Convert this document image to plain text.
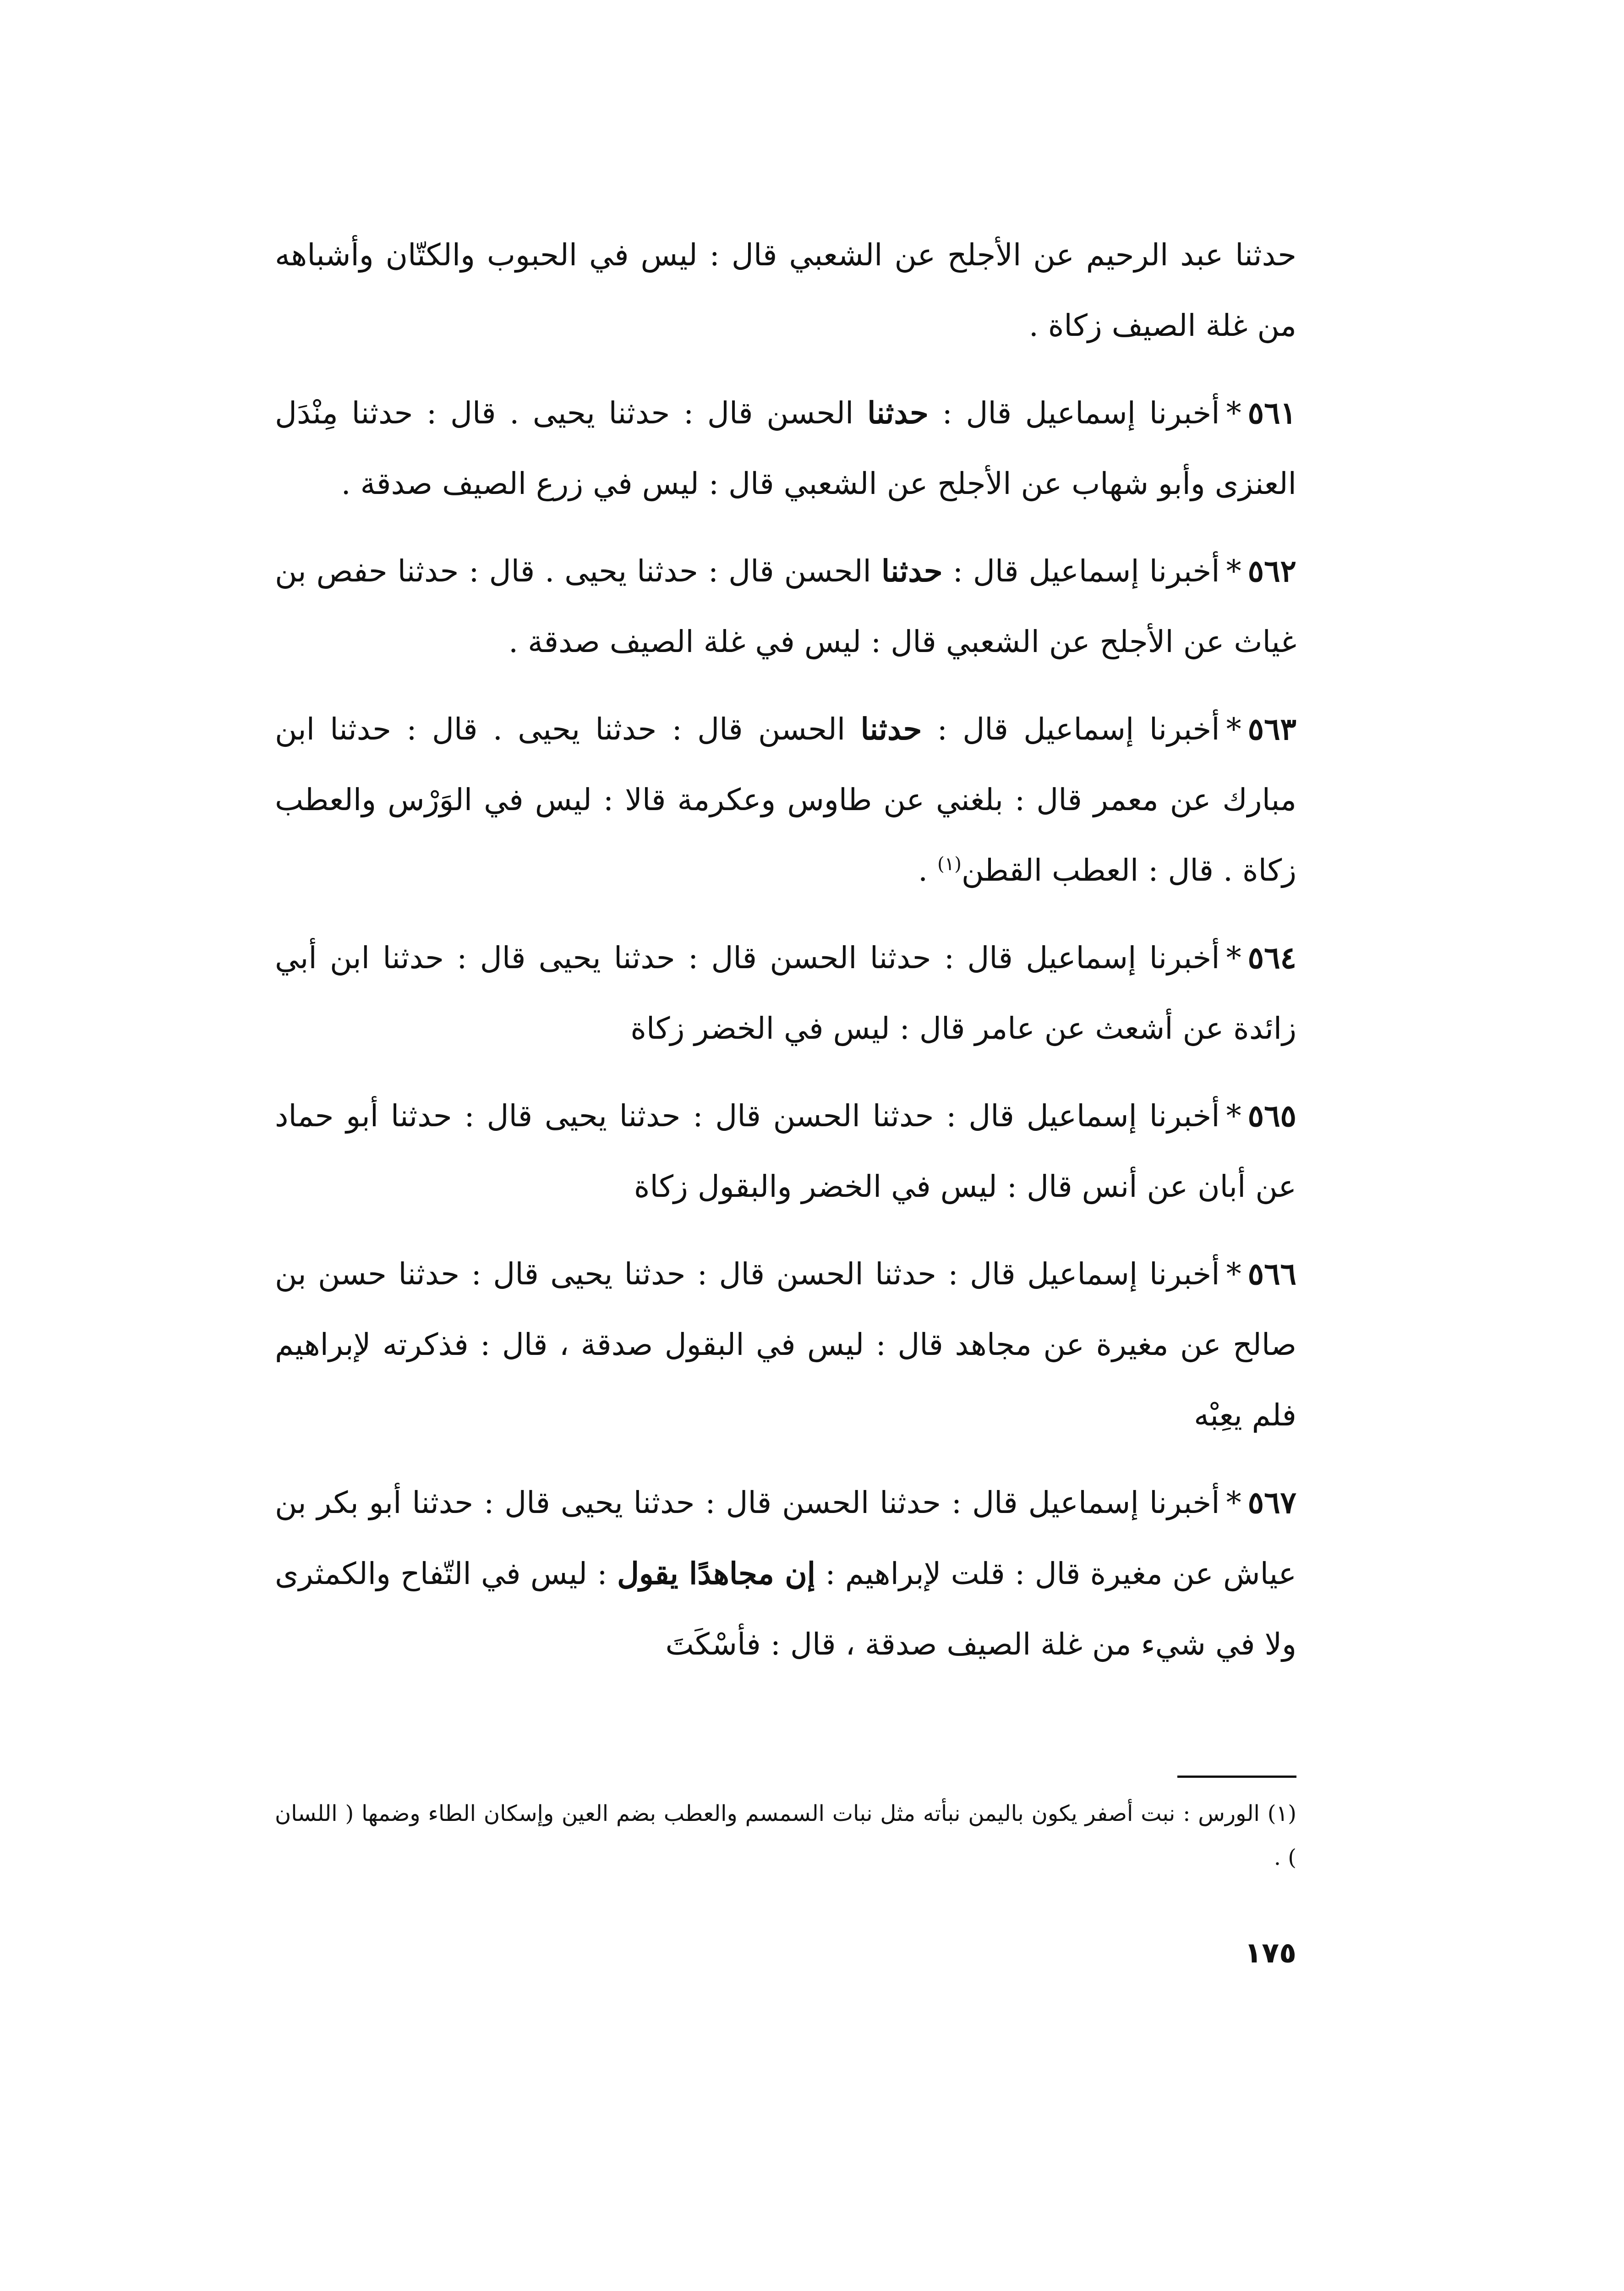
حدثنا عبد الرحيم عن الأجلح عن الشعبي قال : ليس في الحبوب والكتّان وأشباهه من غلة الصيف زكاة .

٥٦١*أخبرنا إسماعيل قال : حدثنا الحسن قال : حدثنا يحيى . قال : حدثنا مِنْدَل العنزى وأبو شهاب عن الأجلح عن الشعبي قال : ليس في زرع الصيف صدقة .

٥٦٢*أخبرنا إسماعيل قال : حدثنا الحسن قال : حدثنا يحيى . قال : حدثنا حفص بن غياث عن الأجلح عن الشعبي قال : ليس في غلة الصيف صدقة .

٥٦٣*أخبرنا إسماعيل قال : حدثنا الحسن قال : حدثنا يحيى . قال : حدثنا ابن مبارك عن معمر قال : بلغني عن طاوس وعكرمة قالا : ليس في الوَرْس والعطب زكاة . قال : العطب القطن$^{(١)}$ .

٥٦٤*أخبرنا إسماعيل قال : حدثنا الحسن قال : حدثنا يحيى قال : حدثنا ابن أبي زائدة عن أشعث عن عامر قال : ليس في الخضر زكاة

٥٦٥*أخبرنا إسماعيل قال : حدثنا الحسن قال : حدثنا يحيى قال : حدثنا أبو حماد عن أبان عن أنس قال : ليس في الخضر والبقول زكاة

٥٦٦*أخبرنا إسماعيل قال : حدثنا الحسن قال : حدثنا يحيى قال : حدثنا حسن بن صالح عن مغيرة عن مجاهد قال : ليس في البقول صدقة ، قال : فذكرته لإبراهيم فلم يعِبْه

٥٦٧*أخبرنا إسماعيل قال : حدثنا الحسن قال : حدثنا يحيى قال : حدثنا أبو بكر بن عياش عن مغيرة قال : قلت لإبراهيم : إن مجاهدًا يقول : ليس في التّفاح والكمثرى ولا في شيء من غلة الصيف صدقة ، قال : فأسْكَتَ

(١) الورس : نبت أصفر يكون باليمن نبأته مثل نبات السمسم والعطب بضم العين وإسكان الطاء وضمها ( اللسان ) .

١٧٥
